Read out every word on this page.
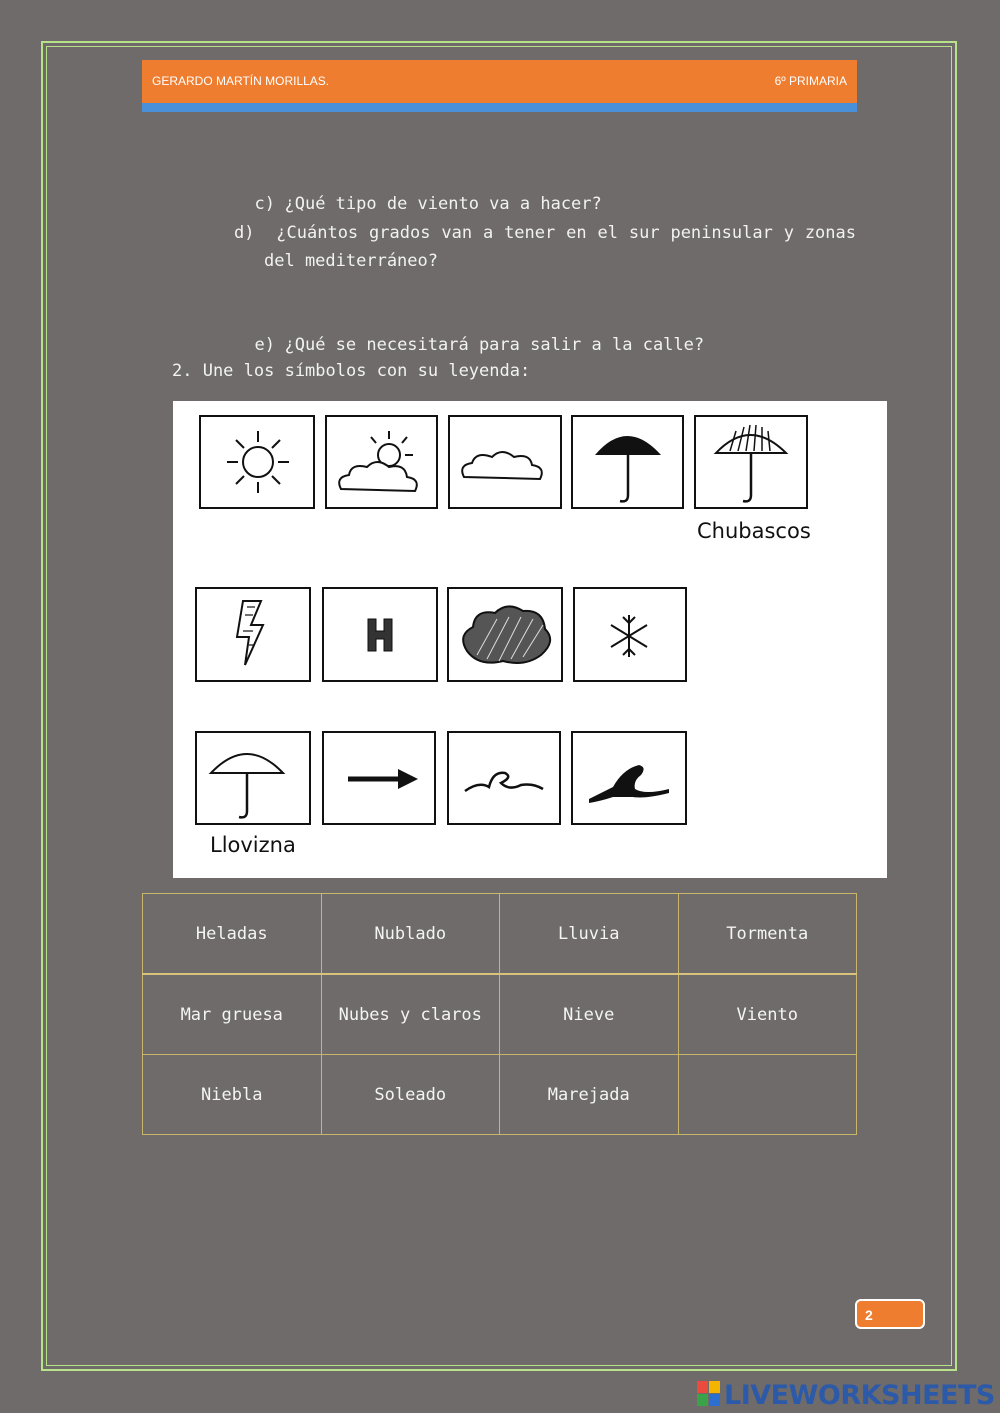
GERARDO MARTÍN MORILLAS.	6º PRIMARIA

c) ¿Qué tipo de viento va a hacer?

d) ¿Cuántos grados van a tener en el sur peninsular y zonas del mediterráneo?

e) ¿Qué se necesitará para salir a la calle?

2. Une los símbolos con su leyenda:
Chubascos
Llovizna
Heladas	Nublado	Lluvia	Tormenta
Mar gruesa	Nubes y claros	Nieve	Viento
Niebla	Soleado	Marejada	
2
LIVEWORKSHEETS
